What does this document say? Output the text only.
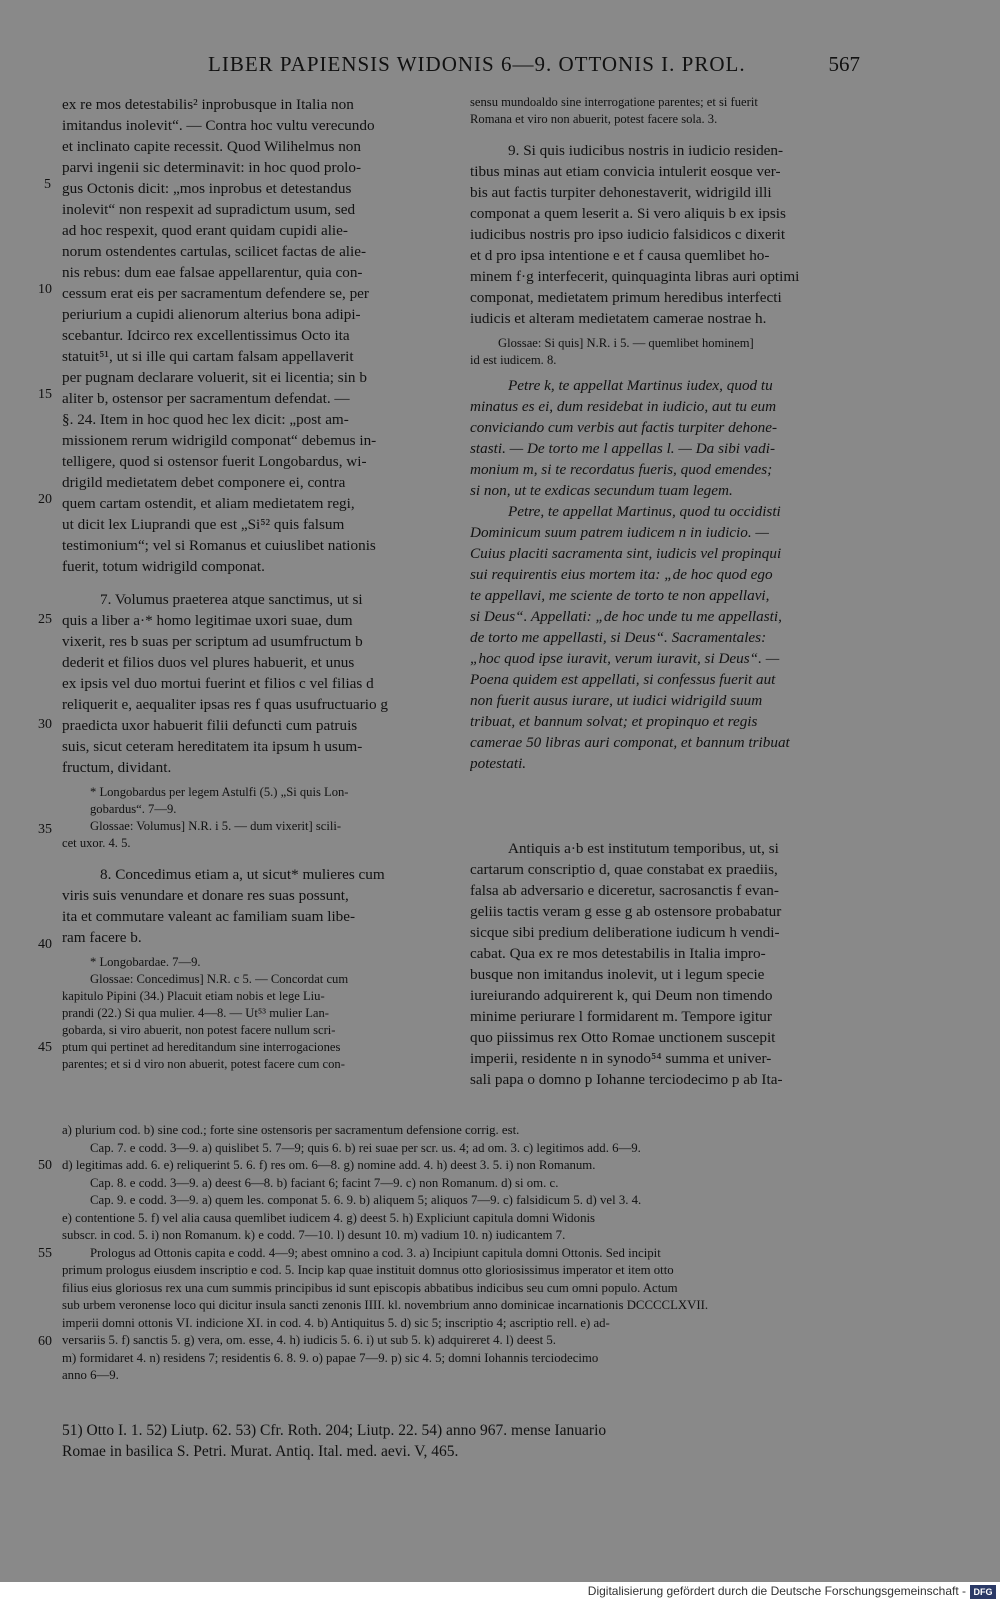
LIBER PAPIENSIS WIDONIS 6—9. OTTONIS I. PROL.	567
5
10
15
20
25
30
35
40
45
50
55
60
ex re mos detestabilis² inprobusque in Italia non
imitandus inolevit“. — Contra hoc vultu verecundo
et inclinato capite recessit. Quod Wilihelmus non
parvi ingenii sic determinavit: in hoc quod prolo-
gus Octonis dicit: „mos inprobus et detestandus
inolevit“ non respexit ad supradictum usum, sed
ad hoc respexit, quod erant quidam cupidi alie-
norum ostendentes cartulas, scilicet factas de alie-
nis rebus: dum eae falsae appellarentur, quia con-
cessum erat eis per sacramentum defendere se, per
periurium a cupidi alienorum alterius bona adipi-
scebantur. Idcirco rex excellentissimus Octo ita
statuit⁵¹, ut si ille qui cartam falsam appellaverit
per pugnam declarare voluerit, sit ei licentia; sin b
aliter b, ostensor per sacramentum defendat. —
§. 24. Item in hoc quod hec lex dicit: „post am-
missionem rerum widrigild componat“ debemus in-
telligere, quod si ostensor fuerit Longobardus, wi-
drigild medietatem debet componere ei, contra
quem cartam ostendit, et aliam medietatem regi,
ut dicit lex Liuprandi que est „Si⁵² quis falsum
testimonium“; vel si Romanus et cuiuslibet nationis
fuerit, totum widrigild componat.
7. Volumus praeterea atque sanctimus, ut si
quis a liber a·* homo legitimae uxori suae, dum
vixerit, res b suas per scriptum ad usumfructum b
dederit et filios duos vel plures habuerit, et unus
ex ipsis vel duo mortui fuerint et filios c vel filias d
reliquerit e, aequaliter ipsas res f quas usufructuario g
praedicta uxor habuerit filii defuncti cum patruis
suis, sicut ceteram hereditatem ita ipsum h usum-
fructum, dividant.
* Longobardus per legem Astulfi (5.) „Si quis Lon-
gobardus“. 7—9.
Glossae: Volumus] N.R. i 5. — dum vixerit] scili-
cet uxor. 4. 5.
8. Concedimus etiam a, ut sicut* mulieres cum
viris suis venundare et donare res suas possunt,
ita et commutare valeant ac familiam suam libe-
ram facere b.
* Longobardae. 7—9.
Glossae: Concedimus] N.R. c 5. — Concordat cum
kapitulo Pipini (34.) Placuit etiam nobis et lege Liu-
prandi (22.) Si qua mulier. 4—8. — Ut⁵³ mulier Lan-
gobarda, si viro abuerit, non potest facere nullum scri-
ptum qui pertinet ad hereditandum sine interrogaciones
parentes; et si d viro non abuerit, potest facere cum con-
sensu mundoaldo sine interrogatione parentes; et si fuerit
Romana et viro non abuerit, potest facere sola. 3.
9. Si quis iudicibus nostris in iudicio residen-
tibus minas aut etiam convicia intulerit eosque ver-
bis aut factis turpiter dehonestaverit, widrigild illi
componat a quem leserit a. Si vero aliquis b ex ipsis
iudicibus nostris pro ipso iudicio falsidicos c dixerit
et d pro ipsa intentione e et f causa quemlibet ho-
minem f·g interfecerit, quinquaginta libras auri optimi
componat, medietatem primum heredibus interfecti
iudicis et alteram medietatem camerae nostrae h.
Glossae: Si quis] N.R. i 5. — quemlibet hominem]
id est iudicem. 8.
Petre k, te appellat Martinus iudex, quod tu
minatus es ei, dum residebat in iudicio, aut tu eum
conviciando cum verbis aut factis turpiter dehone-
stasti. — De torto me l appellas l. — Da sibi vadi-
monium m, si te recordatus fueris, quod emendes;
si non, ut te exdicas secundum tuam legem.
Petre, te appellat Martinus, quod tu occidisti
Dominicum suum patrem iudicem n in iudicio. —
Cuius placiti sacramenta sint, iudicis vel propinqui
sui requirentis eius mortem ita: „de hoc quod ego
te appellavi, me sciente de torto te non appellavi,
si Deus“. Appellati: „de hoc unde tu me appellasti,
de torto me appellasti, si Deus“. Sacramentales:
„hoc quod ipse iuravit, verum iuravit, si Deus“. —
Poena quidem est appellati, si confessus fuerit aut
non fuerit ausus iurare, ut iudici widrigild suum
tribuat, et bannum solvat; et propinquo et regis
camerae 50 libras auri componat, et bannum tribuat
potestati.
Antiquis a·b est institutum temporibus, ut, si
cartarum conscriptio d, quae constabat ex praediis,
falsa ab adversario e diceretur, sacrosanctis f evan-
geliis tactis veram g esse g ab ostensore probabatur
sicque sibi predium deliberatione iudicum h vendi-
cabat. Qua ex re mos detestabilis in Italia impro-
busque non imitandus inolevit, ut i legum specie
iureiurando adquirerent k, qui Deum non timendo
minime periurare l formidarent m. Tempore igitur
quo piissimus rex Otto Romae unctionem suscepit
imperii, residente n in synodo⁵⁴ summa et univer-
sali papa o domno p Iohanne terciodecimo p ab Ita-
a) plurium cod. b) sine cod.; forte sine ostensoris per sacramentum defensione corrig. est.
Cap. 7. e codd. 3—9. a) quislibet 5. 7—9; quis 6. b) rei suae per scr. us. 4; ad om. 3. c) legitimos add. 6—9.
d) legitimas add. 6. e) reliquerint 5. 6. f) res om. 6—8. g) nomine add. 4. h) deest 3. 5. i) non Romanum.
Cap. 8. e codd. 3—9. a) deest 6—8. b) faciant 6; facint 7—9. c) non Romanum. d) si om. c.
Cap. 9. e codd. 3—9. a) quem les. componat 5. 6. 9. b) aliquem 5; aliquos 7—9. c) falsidicum 5. d) vel 3. 4.
e) contentione 5. f) vel alia causa quemlibet iudicem 4. g) deest 5. h) Expliciunt capitula domni Widonis
subscr. in cod. 5. i) non Romanum. k) e codd. 7—10. l) desunt 10. m) vadium 10. n) iudicantem 7.
Prologus ad Ottonis capita e codd. 4—9; abest omnino a cod. 3. a) Incipiunt capitula domni Ottonis. Sed incipit
primum prologus eiusdem inscriptio e cod. 5. Incip kap quae instituit domnus otto gloriosissimus imperator et item otto
filius eius gloriosus rex una cum summis principibus id sunt episcopis abbatibus indicibus seu cum omni populo. Actum
sub urbem veronense loco qui dicitur insula sancti zenonis IIII. kl. novembrium anno dominicae incarnationis DCCCCLXVII.
imperii domni ottonis VI. indicione XI. in cod. 4. b) Antiquitus 5. d) sic 5; inscriptio 4; ascriptio rell. e) ad-
versariis 5. f) sanctis 5. g) vera, om. esse, 4. h) iudicis 5. 6. i) ut sub 5. k) adquireret 4. l) deest 5.
m) formidaret 4. n) residens 7; residentis 6. 8. 9. o) papae 7—9. p) sic 4. 5; domni Iohannis terciodecimo
anno 6—9.
51) Otto I. 1. 52) Liutp. 62. 53) Cfr. Roth. 204; Liutp. 22. 54) anno 967. mense Ianuario
Romae in basilica S. Petri. Murat. Antiq. Ital. med. aevi. V, 465.
Digitalisierung gefördert durch die Deutsche Forschungsgemeinschaft - DFG
